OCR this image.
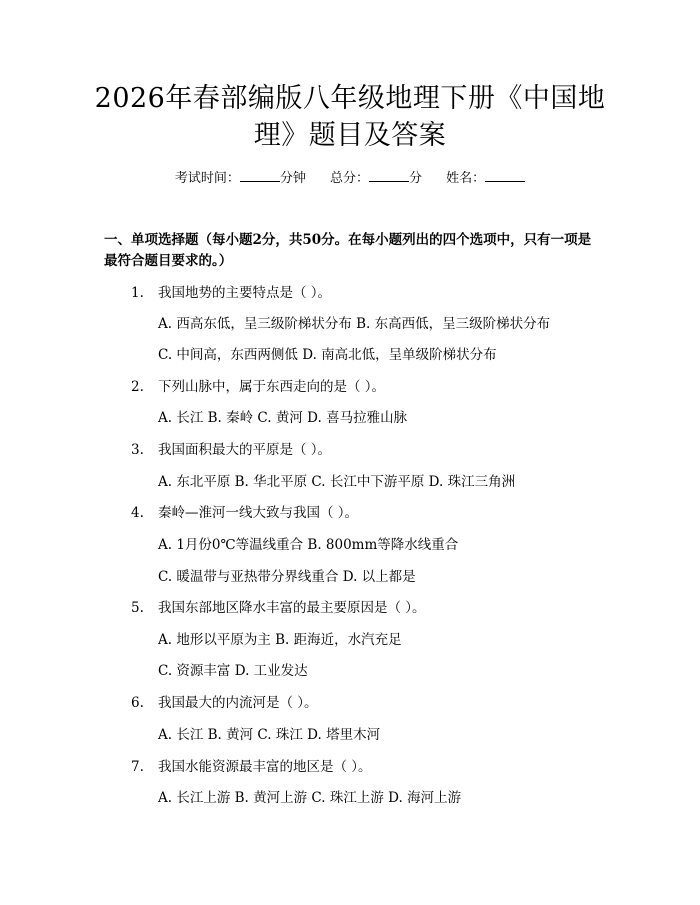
2026年春部编版八年级地理下册《中国地理》题目及答案
考试时间：	分钟 总分：	分 姓名：
一、单项选择题（每小题2分，共50分。在每小题列出的四个选项中，只有一项是最符合题目要求的。）
1. 我国地势的主要特点是（ ）。
A. 西高东低，呈三级阶梯状分布 B. 东高西低，呈三级阶梯状分布
C. 中间高，东西两侧低 D. 南高北低，呈单级阶梯状分布
2. 下列山脉中，属于东西走向的是（ ）。
A. 长江 B. 秦岭 C. 黄河 D. 喜马拉雅山脉
3. 我国面积最大的平原是（ ）。
A. 东北平原 B. 华北平原 C. 长江中下游平原 D. 珠江三角洲
4. 秦岭—淮河一线大致与我国（ ）。
A. 1月份0℃等温线重合 B. 800mm等降水线重合
C. 暖温带与亚热带分界线重合 D. 以上都是
5. 我国东部地区降水丰富的最主要原因是（ ）。
A. 地形以平原为主 B. 距海近，水汽充足
C. 资源丰富 D. 工业发达
6. 我国最大的内流河是（ ）。
A. 长江 B. 黄河 C. 珠江 D. 塔里木河
7. 我国水能资源最丰富的地区是（ ）。
A. 长江上游 B. 黄河上游 C. 珠江上游 D. 海河上游
